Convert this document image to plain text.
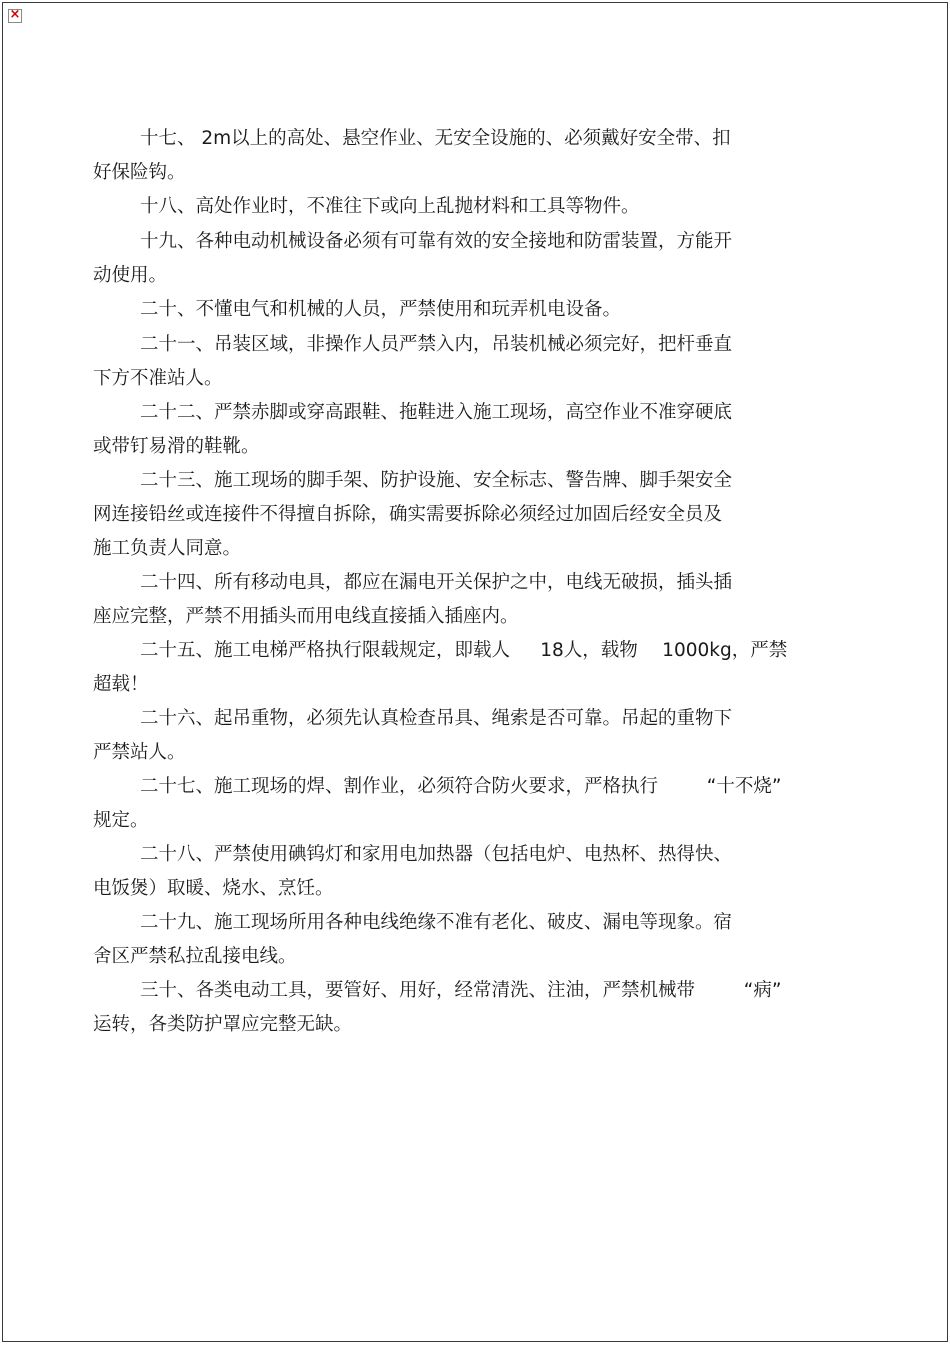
×

十七、 2m以上的高处、悬空作业、无安全设施的、必须戴好安全带、扣
好保险钩。

十八、高处作业时，不准往下或向上乱抛材料和工具等物件。

十九、各种电动机械设备必须有可靠有效的安全接地和防雷装置，方能开
动使用。

二十、不懂电气和机械的人员，严禁使用和玩弄机电设备。

二十一、吊装区域，非操作人员严禁入内，吊装机械必须完好，把杆垂直
下方不准站人。

二十二、严禁赤脚或穿高跟鞋、拖鞋进入施工现场，高空作业不准穿硬底
或带钉易滑的鞋靴。

二十三、施工现场的脚手架、防护设施、安全标志、警告牌、脚手架安全
网连接铅丝或连接件不得擅自拆除，确实需要拆除必须经过加固后经安全员及
施工负责人同意。

二十四、所有移动电具，都应在漏电开关保护之中，电线无破损，插头插
座应完整，严禁不用插头而用电线直接插入插座内。

二十五、施工电梯严格执行限载规定，即载人 　 18人，载物 　1000kg，严禁
超载！

二十六、起吊重物，必须先认真检查吊具、绳索是否可靠。吊起的重物下
严禁站人。

二十七、施工现场的焊、割作业，必须符合防火要求，严格执行 　　 “十不烧”
规定。

二十八、严禁使用碘钨灯和家用电加热器（包括电炉、电热杯、热得快、
电饭煲）取暖、烧水、烹饪。

二十九、施工现场所用各种电线绝缘不准有老化、破皮、漏电等现象。宿
舍区严禁私拉乱接电线。

三十、各类电动工具，要管好、用好，经常清洗、注油，严禁机械带 　　 “病”
运转，各类防护罩应完整无缺。
